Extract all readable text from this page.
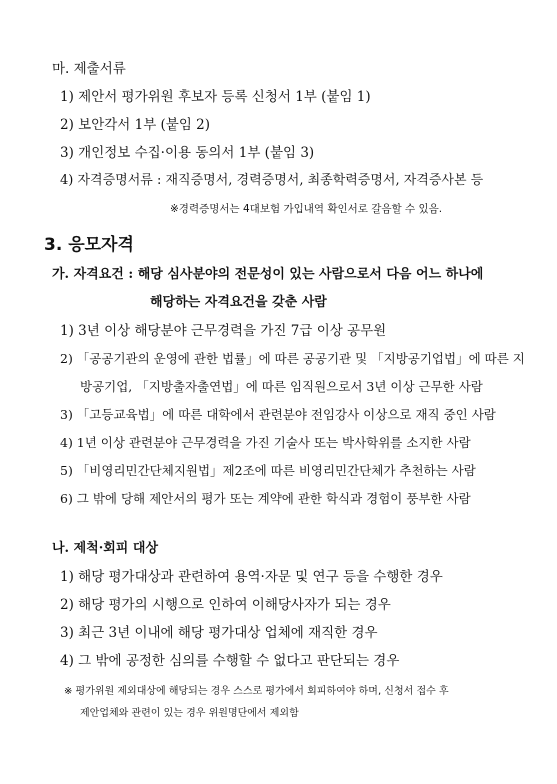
마. 제출서류
1) 제안서 평가위원 후보자 등록 신청서 1부 (붙임 1)
2) 보안각서 1부 (붙임 2)
3) 개인정보 수집·이용 동의서 1부 (붙임 3)
4) 자격증명서류 : 재직증명서, 경력증명서, 최종학력증명서, 자격증사본 등
※경력증명서는 4대보험 가입내역 확인서로 갈음할 수 있음.
3. 응모자격
가. 자격요건 : 해당 심사분야의 전문성이 있는 사람으로서 다음 어느 하나에
해당하는 자격요건을 갖춘 사람
1) 3년 이상 해당분야 근무경력을 가진 7급 이상 공무원
2) 「공공기관의 운영에 관한 법률」에 따른 공공기관 및 「지방공기업법」에 따른 지
방공기업, 「지방출자출연법」에 따른 임직원으로서 3년 이상 근무한 사람
3) 「고등교육법」에 따른 대학에서 관련분야 전임강사 이상으로 재직 중인 사람
4) 1년 이상 관련분야 근무경력을 가진 기술사 또는 박사학위를 소지한 사람
5) 「비영리민간단체지원법」제2조에 따른 비영리민간단체가 추천하는 사람
6) 그 밖에 당해 제안서의 평가 또는 계약에 관한 학식과 경험이 풍부한 사람
나. 제척·회피 대상
1) 해당 평가대상과 관련하여 용역·자문 및 연구 등을 수행한 경우
2) 해당 평가의 시행으로 인하여 이해당사자가 되는 경우
3) 최근 3년 이내에 해당 평가대상 업체에 재직한 경우
4) 그 밖에 공정한 심의를 수행할 수 없다고 판단되는 경우
※ 평가위원 제외대상에 해당되는 경우 스스로 평가에서 회피하여야 하며, 신청서 접수 후
제안업체와 관련이 있는 경우 위원명단에서 제외함
